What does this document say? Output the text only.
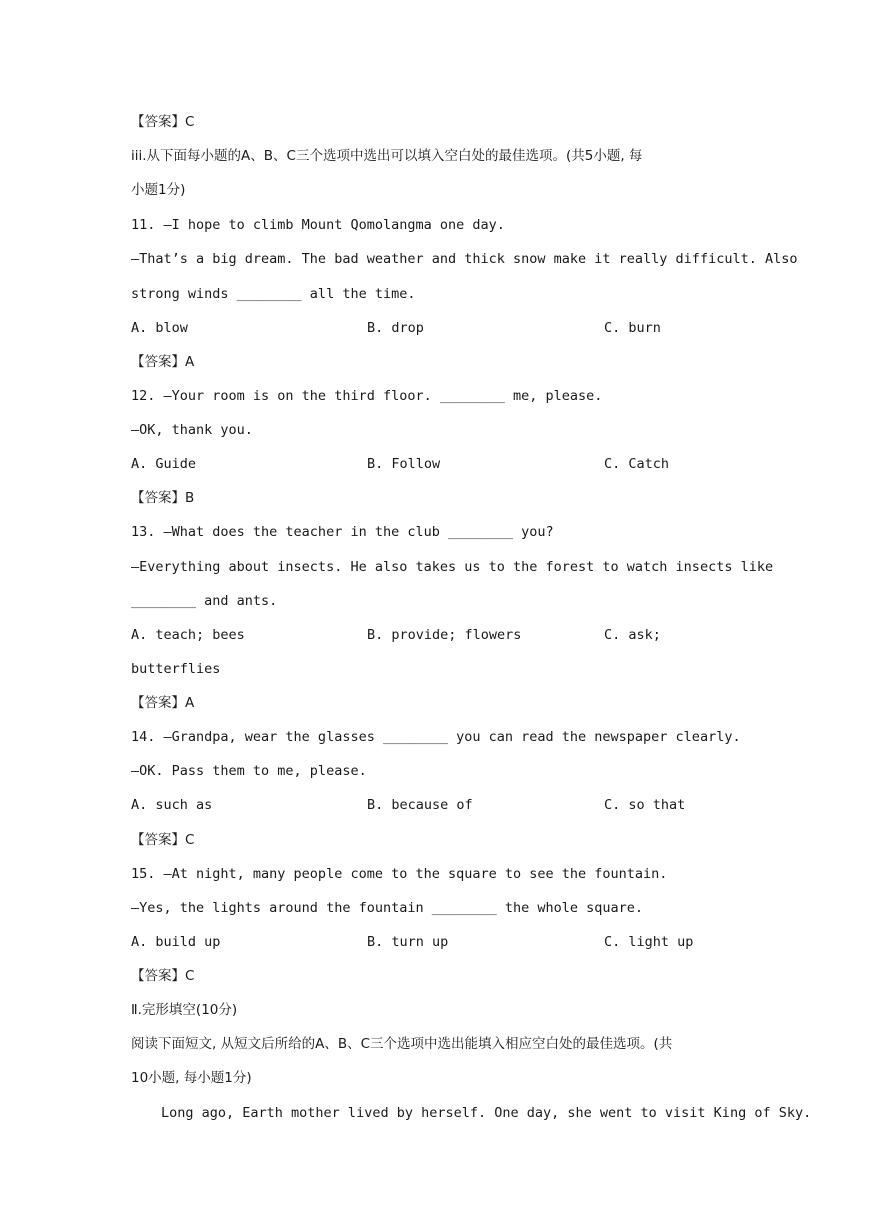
【答案】C
iii.从下面每小题的A、B、C三个选项中选出可以填入空白处的最佳选项。(共5小题, 每
小题1分)
11. —I hope to climb Mount Qomolangma one day.
—That’s a big dream. The bad weather and thick snow make it really difficult. Also
strong winds ________ all the time.
A. blow	B. drop	C. burn
【答案】A
12. —Your room is on the third floor. ________ me, please.
—OK, thank you.
A. Guide	B. Follow	C. Catch
【答案】B
13. —What does the teacher in the club ________ you?
—Everything about insects. He also takes us to the forest to watch insects like
________ and ants.
A. teach; bees	B. provide; flowers	C. ask;
butterflies
【答案】A
14. —Grandpa, wear the glasses ________ you can read the newspaper clearly.
—OK. Pass them to me, please.
A. such as	B. because of	C. so that
【答案】C
15. —At night, many people come to the square to see the fountain.
—Yes, the lights around the fountain ________ the whole square.
A. build up	B. turn up	C. light up
【答案】C
Ⅱ.完形填空(10分)
阅读下面短文, 从短文后所给的A、B、C三个选项中选出能填入相应空白处的最佳选项。(共
10小题, 每小题1分)
Long ago, Earth mother lived by herself. One day, she went to visit King of Sky.
